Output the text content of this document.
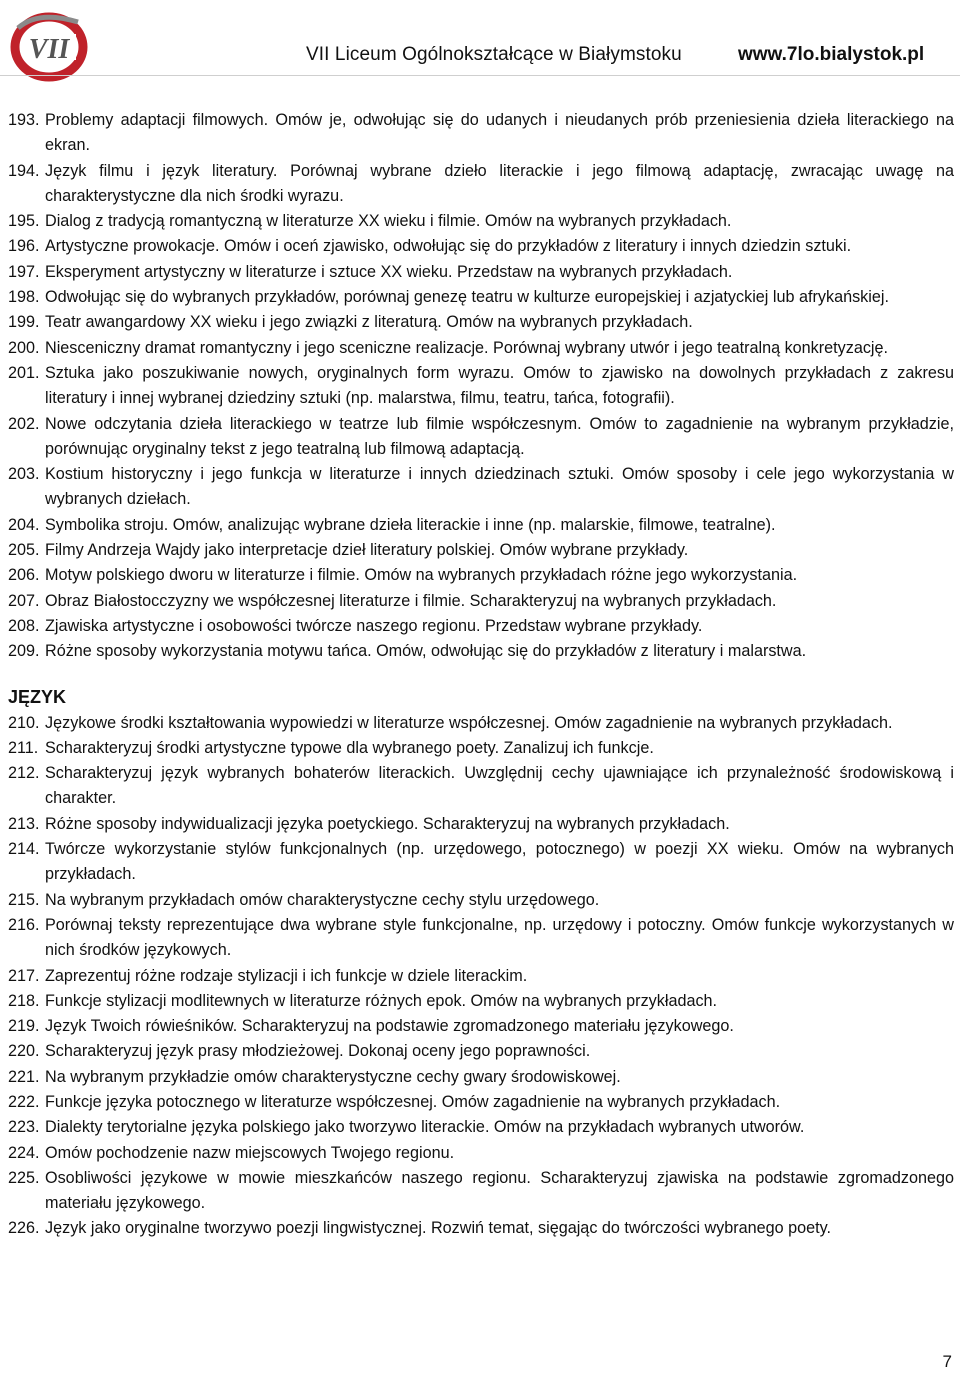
VII	VII Liceum Ogólnokształcące w Białymstoku	www.7lo.bialystok.pl
193. Problemy adaptacji filmowych. Omów je, odwołując się do udanych i nieudanych prób przeniesienia dzieła literackiego na ekran.
194. Język filmu i język literatury. Porównaj wybrane dzieło literackie i jego filmową adaptację, zwracając uwagę na charakterystyczne dla nich środki wyrazu.
195. Dialog z tradycją romantyczną w literaturze XX wieku i filmie. Omów na wybranych przykładach.
196. Artystyczne prowokacje. Omów i oceń zjawisko, odwołując się do przykładów z literatury i innych dziedzin sztuki.
197. Eksperyment artystyczny w literaturze i sztuce XX wieku. Przedstaw na wybranych przykładach.
198. Odwołując się do wybranych przykładów, porównaj genezę teatru w kulturze europejskiej i azjatyckiej lub afrykańskiej.
199. Teatr awangardowy XX wieku i jego związki z literaturą. Omów na wybranych przykładach.
200. Niesceniczny dramat romantyczny i jego sceniczne realizacje. Porównaj wybrany utwór i jego teatralną konkretyzację.
201. Sztuka jako poszukiwanie nowych, oryginalnych form wyrazu. Omów to zjawisko na dowolnych przykładach z zakresu literatury i innej wybranej dziedziny sztuki (np. malarstwa, filmu, teatru, tańca, fotografii).
202. Nowe odczytania dzieła literackiego w teatrze lub filmie współczesnym. Omów to zagadnienie na wybranym przykładzie, porównując oryginalny tekst z jego teatralną lub filmową adaptacją.
203. Kostium historyczny i jego funkcja w literaturze i innych dziedzinach sztuki. Omów sposoby i cele jego wykorzystania w wybranych dziełach.
204. Symbolika stroju. Omów, analizując wybrane dzieła literackie i inne (np. malarskie, filmowe, teatralne).
205. Filmy Andrzeja Wajdy jako interpretacje dzieł literatury polskiej. Omów wybrane przykłady.
206. Motyw polskiego dworu w literaturze i filmie. Omów na wybranych przykładach różne jego wykorzystania.
207. Obraz Białostocczyzny we współczesnej literaturze i filmie. Scharakteryzuj na wybranych przykładach.
208. Zjawiska artystyczne i osobowości twórcze naszego regionu. Przedstaw wybrane przykłady.
209. Różne sposoby wykorzystania motywu tańca. Omów, odwołując się do przykładów z literatury i malarstwa.
JĘZYK
210. Językowe środki kształtowania wypowiedzi w literaturze współczesnej. Omów zagadnienie na wybranych przykładach.
211. Scharakteryzuj środki artystyczne typowe dla wybranego poety. Zanalizuj ich funkcje.
212. Scharakteryzuj język wybranych bohaterów literackich. Uwzględnij cechy ujawniające ich przynależność środowiskową i charakter.
213. Różne sposoby indywidualizacji języka poetyckiego. Scharakteryzuj na wybranych przykładach.
214. Twórcze wykorzystanie stylów funkcjonalnych (np. urzędowego, potocznego) w poezji XX wieku. Omów na wybranych przykładach.
215. Na wybranym przykładach omów charakterystyczne cechy stylu urzędowego.
216. Porównaj teksty reprezentujące dwa wybrane style funkcjonalne, np. urzędowy i potoczny. Omów funkcje wykorzystanych w nich środków językowych.
217. Zaprezentuj różne rodzaje stylizacji i ich funkcje w dziele literackim.
218. Funkcje stylizacji modlitewnych w literaturze różnych epok. Omów na wybranych przykładach.
219. Język Twoich rówieśników. Scharakteryzuj na podstawie zgromadzonego materiału językowego.
220. Scharakteryzuj język prasy młodzieżowej. Dokonaj oceny jego poprawności.
221. Na wybranym przykładzie omów charakterystyczne cechy gwary środowiskowej.
222. Funkcje języka potocznego w literaturze współczesnej. Omów zagadnienie na wybranych przykładach.
223. Dialekty terytorialne języka polskiego jako tworzywo literackie. Omów na przykładach wybranych utworów.
224. Omów pochodzenie nazw miejscowych Twojego regionu.
225. Osobliwości językowe w mowie mieszkańców naszego regionu. Scharakteryzuj zjawiska na podstawie zgromadzonego materiału językowego.
226. Język jako oryginalne tworzywo poezji lingwistycznej. Rozwiń temat, sięgając do twórczości wybranego poety.
7
